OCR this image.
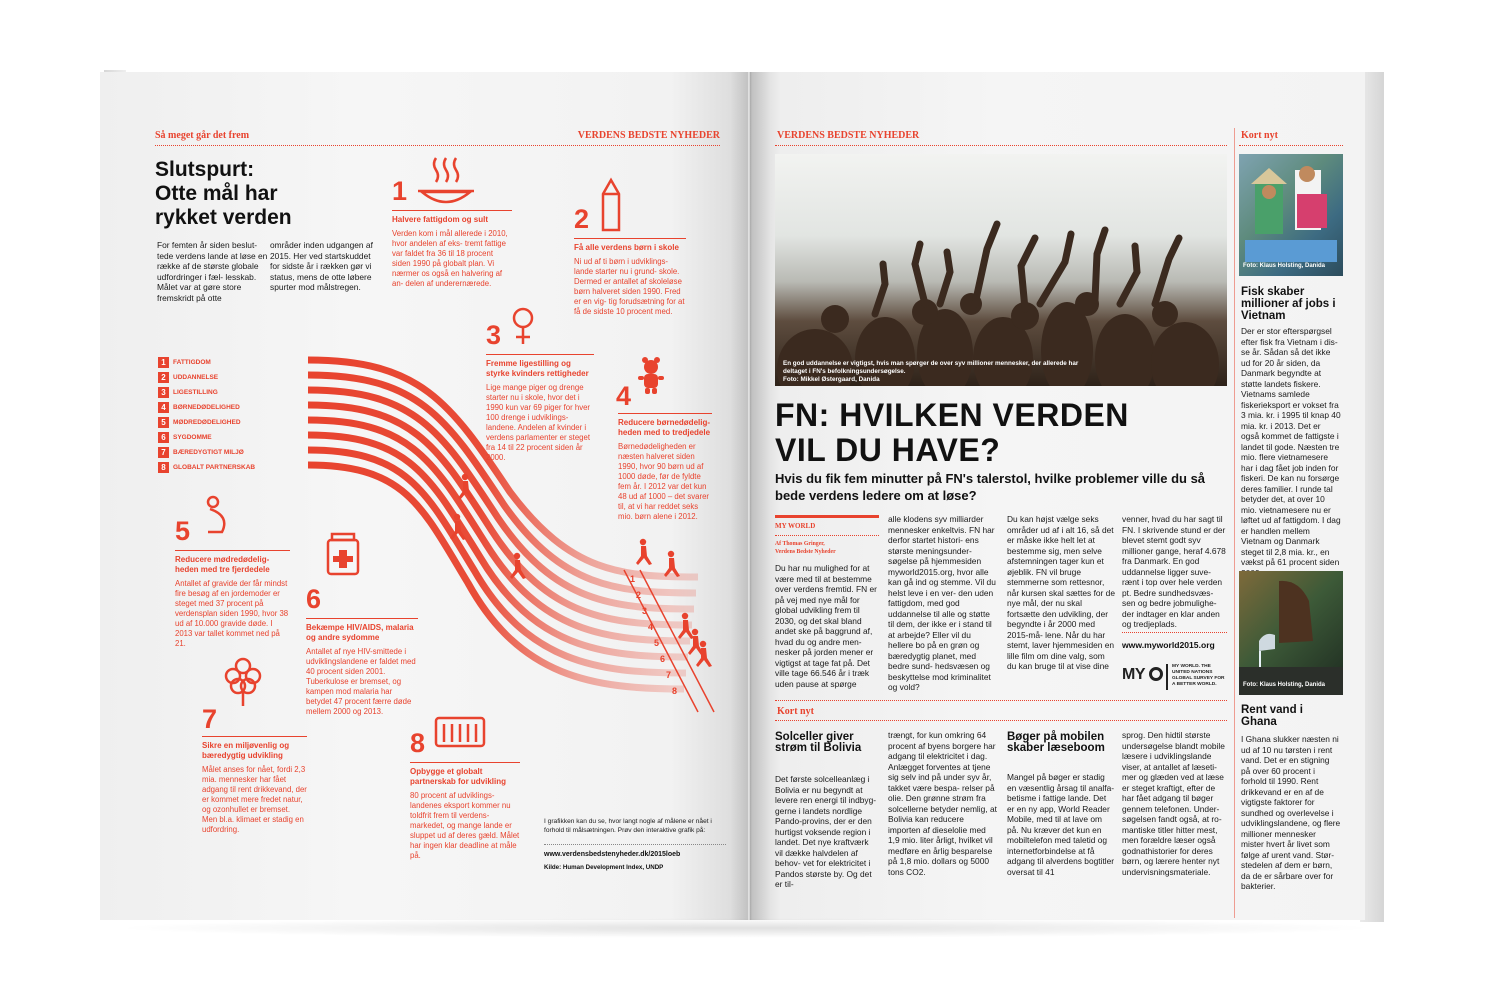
Så meget går det frem	VERDENS BEDSTE NYHEDER
Slutspurt:
Otte mål har
rykket verden
For femten år siden beslut- tede verdens lande at løse en række af de største globale udfordringer i fæl- lesskab. Målet var at gøre store fremskridt på otte
områder inden udgangen af 2015. Her ved startskuddet for sidste år i rækken gør vi status, mens de otte løbere spurter mod målstregen.
1
2
3
4
5
6
7
8
1 FATTIGDOM
2 UDDANNELSE
3 LIGESTILLING
4 BØRNEDØDELIGHED
5 MØDREDØDELIGHED
6 SYGDOMME
7 BÆREDYGTIGT MILJØ
8 GLOBALT PARTNERSKAB
1
Halvere fattigdom og sult
Verden kom i mål allerede i 2010, hvor andelen af eks- tremt fattige var faldet fra 36 til 18 procent siden 1990 på globalt plan. Vi nærmer os også en halvering af an- delen af underernærede.
2
Få alle verdens børn i skole
Ni ud af ti børn i udviklings- lande starter nu i grund- skole. Dermed er antallet af skoleløse børn halveret siden 1990. Fred er en vig- tig forudsætning for at få de sidste 10 procent med.
3
Fremme ligestilling og styrke kvinders rettigheder
Lige mange piger og drenge starter nu i skole, hvor det i 1990 kun var 69 piger for hver 100 drenge i udviklings- landene. Andelen af kvinder i verdens parlamenter er steget fra 14 til 22 procent siden år 2000.
4
Reducere børnedødelig- heden med to tredjedele
Børnedødeligheden er næsten halveret siden 1990, hvor 90 børn ud af 1000 døde, før de fyldte fem år. I 2012 var det kun 48 ud af 1000 – det svarer til, at vi har reddet seks mio. børn alene i 2012.
5
Reducere mødredødelig- heden med tre fjerdedele
Antallet af gravide der får mindst fire besøg af en jordemoder er steget med 37 procent på verdensplan siden 1990, hvor 38 ud af 10.000 gravide døde. I 2013 var tallet kommet ned på 21.
6
Bekæmpe HIV/AIDS, malaria og andre sydomme
Antallet af nye HIV-smittede i udviklingslandene er faldet med 40 procent siden 2001. Tuberkulose er bremset, og kampen mod malaria har betydet 47 procent færre døde mellem 2000 og 2013.
7
Sikre en miljøvenlig og bæredygtig udvikling
Målet anses for nået, fordi 2,3 mia. mennesker har fået adgang til rent drikkevand, der er kommet mere fredet natur, og ozonhullet er bremset. Men bl.a. klimaet er stadig en udfordring.
8
Opbygge et globalt partnerskab for udvikling
80 procent af udviklings- landenes eksport kommer nu toldfrit frem til verdens- markedet, og mange lande er sluppet ud af deres gæld. Målet har ingen klar deadline at måle på.
I grafikken kan du se, hvor langt nogle af målene er nået i forhold til målsætningen. Prøv den interaktive grafik på:
www.verdensbedstenyheder.dk/2015loeb
Kilde: Human Development Index, UNDP
VERDENS BEDSTE NYHEDER
En god uddannelse er vigtigst, hvis man spørger de over syv millioner mennesker, der allerede har deltaget i FN's befolkningsundersøgelse.
Foto: Mikkel Østergaard, Danida
FN: HVILKEN VERDEN
VIL DU HAVE?
Hvis du fik fem minutter på FN's talerstol, hvilke problemer ville du så bede verdens ledere om at løse?
MY WORLD
Af Thomas Gringer,
Verdens Bedste Nyheder
Du har nu mulighed for at være med til at bestemme over verdens fremtid. FN er på vej med nye mål for global udvikling frem til 2030, og det skal bland andet ske på baggrund af, hvad du og andre men- nesker på jorden mener er vigtigst at tage fat på. Det ville tage 66.546 år i træk uden pause at spørge
alle klodens syv milliarder mennesker enkeltvis. FN har derfor startet histori- ens største meningsunder- søgelse på hjemmesiden myworld2015.org, hvor alle kan gå ind og stemme. Vil du helst leve i en ver- den uden fattigdom, med god uddannelse til alle og støtte til dem, der ikke er i stand til at arbejde? Eller vil du hellere bo på en grøn og bæredygtig planet, med bedre sund- hedsvæsen og beskyttelse mod kriminalitet og vold?
Du kan højst vælge seks områder ud af i alt 16, så det er måske ikke helt let at bestemme sig, men selve afstemningen tager kun et øjeblik. FN vil bruge stemmerne som rettesnor, når kursen skal sættes for de nye mål, der nu skal fortsætte den udvikling, der begyndte i år 2000 med 2015-må- lene. Når du har stemt, laver hjemmesiden en lille film om dine valg, som du kan bruge til at vise dine
venner, hvad du har sagt til FN. I skrivende stund er der blevet stemt godt syv millioner gange, heraf 4.678 fra Danmark. En god uddannelse ligger suve- rænt i top over hele verden pt. Bedre sundhedsvæs- sen og bedre jobmulighe- der indtager en klar anden og tredjeplads.
www.myworld2015.org
MY	MY WORLD. THE UNITED NATIONS GLOBAL SURVEY FOR A BETTER WORLD.
Kort nyt
Solceller giver strøm til Bolivia
Det første solcelleanlæg i Bolivia er nu begyndt at levere ren energi til indbyg- gerne i landets nordlige Pando-provins, der er den hurtigst voksende region i landet. Det nye kraftværk vil dække halvdelen af behov- vet for elektricitet i Pandos største by. Og det er til-
trængt, for kun omkring 64 procent af byens borgere har adgang til elektricitet i dag. Anlægget forventes at tjene sig selv ind på under syv år, takket være bespa- relser på olie. Den grønne strøm fra solcellerne betyder nemlig, at Bolivia kan reducere importen af dieselolie med 1,9 mio. liter årligt, hvilket vil medføre en årlig besparelse på 1,8 mio. dollars og 5000 tons CO2.
Bøger på mobilen skaber læseboom
Mangel på bøger er stadig en væsentlig årsag til analfa- betisme i fattige lande. Det er en ny app, World Reader Mobile, med til at lave om på. Nu kræver det kun en mobiltelefon med taletid og internetforbindelse at få adgang til alverdens bogtitler oversat til 41
sprog. Den hidtil største undersøgelse blandt mobile læsere i udviklingslande viser, at antallet af læseti- mer og glæden ved at læse er steget kraftigt, efter de har fået adgang til bøger gennem telefonen. Under- søgelsen fandt også, at ro- mantiske titler hitter mest, men forældre læser også godnathistorier for deres børn, og lærere henter nyt undervisningsmateriale.
Kort nyt
Foto: Klaus Holsting, Danida
Fisk skaber millioner af jobs i Vietnam
Der er stor efterspørgsel efter fisk fra Vietnam i dis- se år. Sådan så det ikke ud for 20 år siden, da Danmark begyndte at støtte landets fiskere. Vietnams samlede fiskerieksport er vokset fra 3 mia. kr. i 1995 til knap 40 mia. kr. i 2013. Det er også kommet de fattigste i landet til gode. Næsten tre mio. flere vietnamesere har i dag fået job inden for fiskeri. De kan nu forsørge deres familier. I runde tal betyder det, at over 10 mio. vietnamesere nu er løftet ud af fattigdom. I dag er handlen mellem Vietnam og Danmark steget til 2,8 mia. kr., en vækst på 61 procent siden
Foto: Klaus Holsting, Danida
Rent vand i Ghana
I Ghana slukker næsten ni ud af 10 nu tørsten i rent vand. Det er en stigning på over 60 procent i forhold til 1990. Rent drikkevand er en af de vigtigste faktorer for sundhed og overlevelse i udviklingslandene, og flere millioner mennesker mister hvert år livet som følge af urent vand. Stør- stedelen af dem er børn, da de er sårbare over for bakterier.
